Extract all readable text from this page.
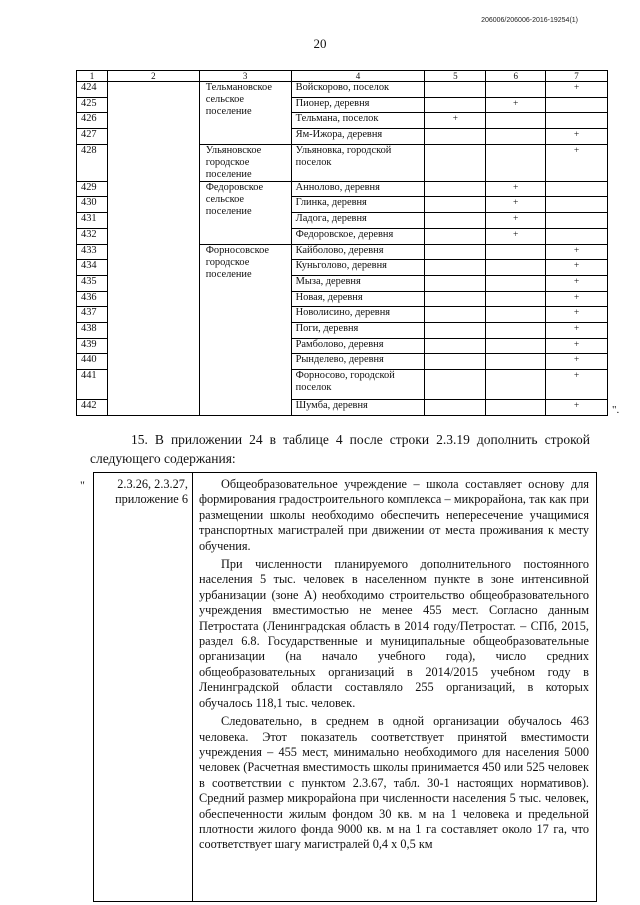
206006/206006-2016-19254(1)
20
1	2	3	4	5	6	7
424		Тельмановское сельское поселение	Войскорово, поселок			+
425			Пионер, деревня		+	
426			Тельмана, поселок	+		
427			Ям-Ижора, деревня			+
428		Ульяновское городское поселение	Ульяновка, городской поселок			+
429		Федоровское сельское поселение	Аннолово, деревня		+	
430			Глинка, деревня		+	
431			Ладога, деревня		+	
432			Федоровское, деревня		+	
433		Форносовское городское поселение	Кайболово, деревня			+
434			Куньголово, деревня			+
435			Мыза, деревня			+
436			Новая, деревня			+
437			Новолисино, деревня			+
438			Поги, деревня			+
439			Рамболово, деревня			+
440			Рынделево, деревня			+
441			Форносово, городской поселок			+
442			Шумба, деревня			+	".

15. В приложении 24 в таблице 4 после строки 2.3.19 дополнить строкой следующего содержания:

"	2.3.26, 2.3.27, приложение 6	

Общеобразовательное учреждение – школа составляет основу для формирования градостроительного комплекса – микрорайона, так как при размещении школы необходимо обеспечить непересечение учащимися транспортных магистралей при движении от места проживания к месту обучения.

При численности планируемого дополнительного постоянного населения 5 тыс. человек в населенном пункте в зоне интенсивной урбанизации (зоне А) необходимо строительство общеобразовательного учреждения вместимостью не менее 455 мест. Согласно данным Петростата (Ленинградская область в 2014 году/Петростат. – СПб, 2015, раздел 6.8. Государственные и муниципальные общеобразовательные организации (на начало учебного года), число средних общеобразовательных организаций в 2014/2015 учебном году в Ленинградской области составляло 255 организаций, в которых обучалось 118,1 тыс. человек.

Следовательно, в среднем в одной организации обучалось 463 человека. Этот показатель соответствует принятой вместимости учреждения – 455 мест, минимально необходимого для населения 5000 человек (Расчетная вместимость школы принимается 450 или 525 человек в соответствии с пунктом 2.3.67, табл. 30-1 настоящих нормативов). Средний размер микрорайона при численности населения 5 тыс. человек, обеспеченности жилым фондом 30 кв. м на 1 человека и предельной плотности жилого фонда 9000 кв. м на 1 га составляет около 17 га, что соответствует шагу магистралей 0,4 х 0,5 км
